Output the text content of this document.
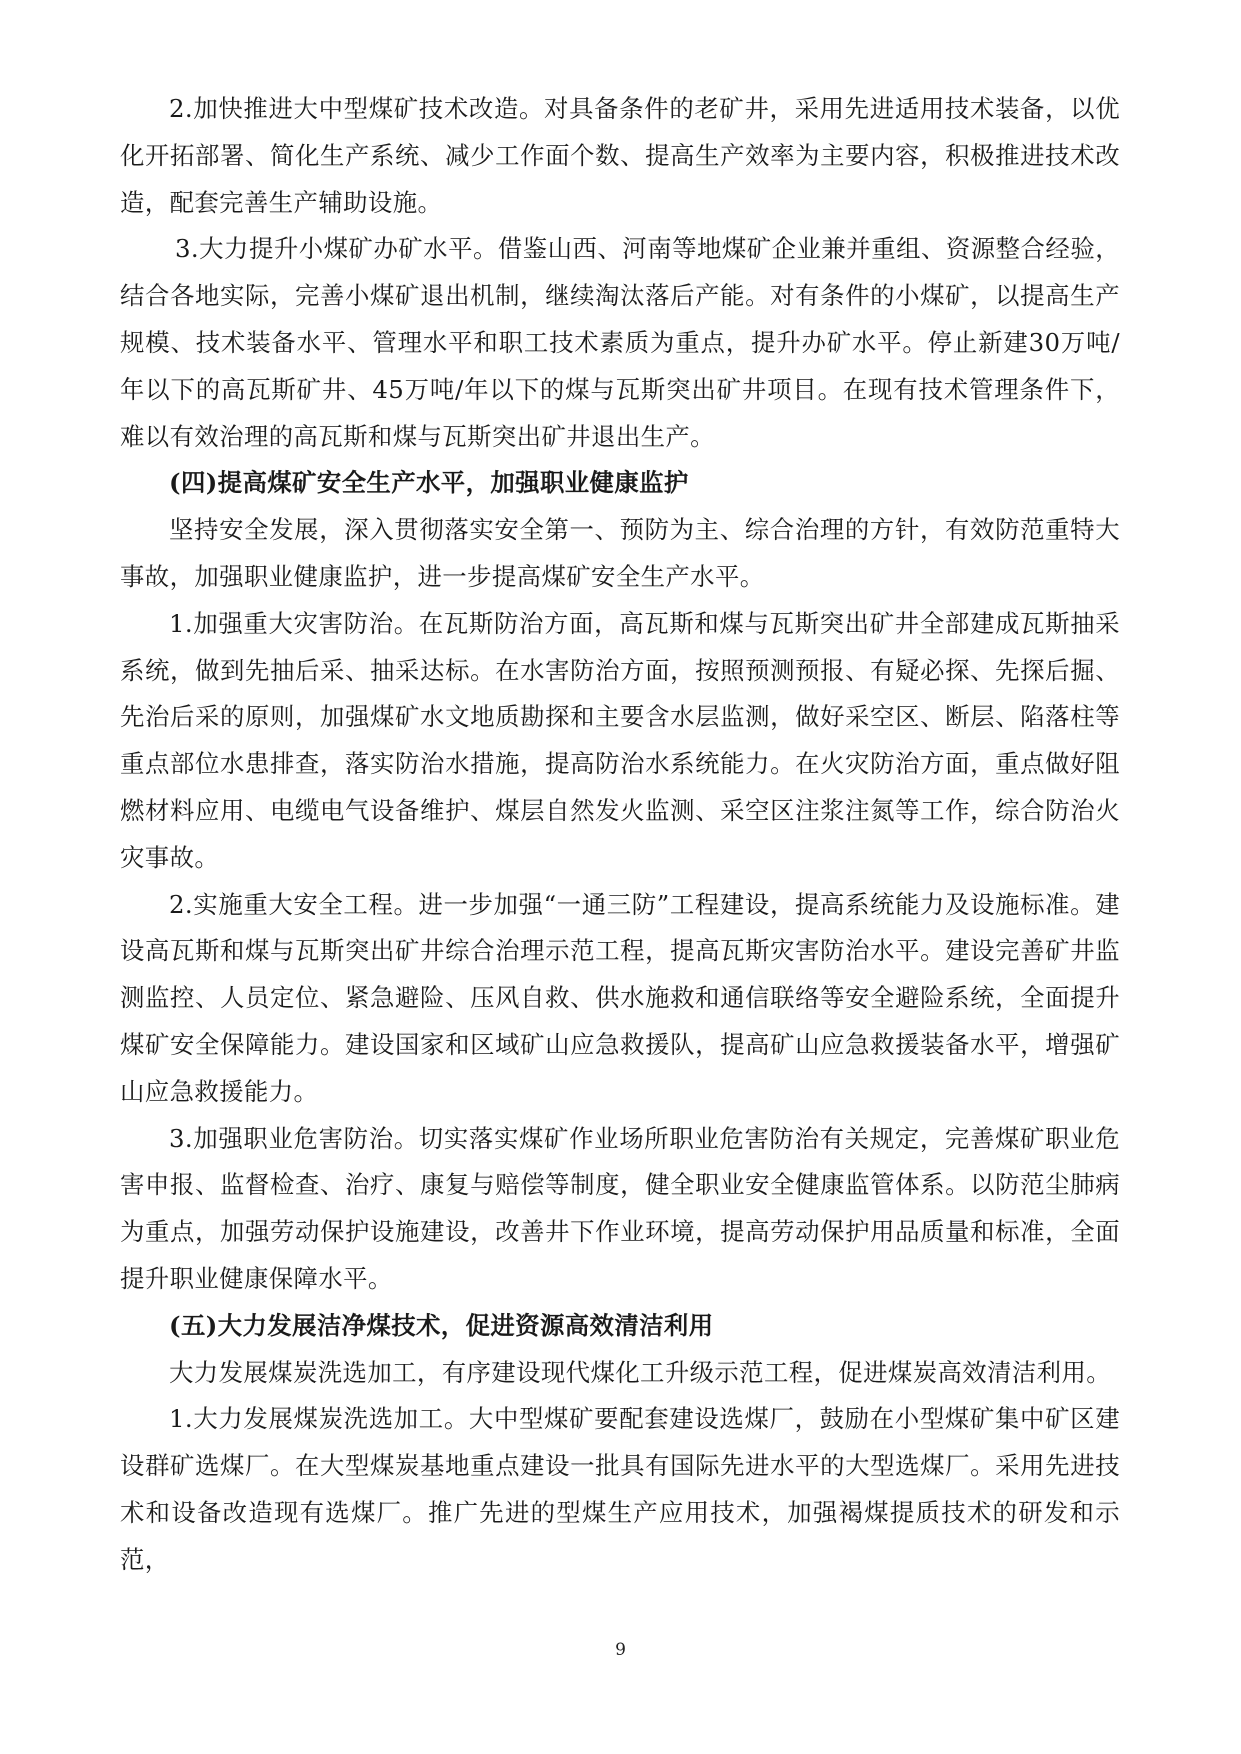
2.加快推进大中型煤矿技术改造。对具备条件的老矿井，采用先进适用技术装备，以优化开拓部署、简化生产系统、减少工作面个数、提高生产效率为主要内容，积极推进技术改造，配套完善生产辅助设施。

3.大力提升小煤矿办矿水平。借鉴山西、河南等地煤矿企业兼并重组、资源整合经验，结合各地实际，完善小煤矿退出机制，继续淘汰落后产能。对有条件的小煤矿，以提高生产规模、技术装备水平、管理水平和职工技术素质为重点，提升办矿水平。停止新建30万吨/年以下的高瓦斯矿井、45万吨/年以下的煤与瓦斯突出矿井项目。在现有技术管理条件下，难以有效治理的高瓦斯和煤与瓦斯突出矿井退出生产。

(四)提高煤矿安全生产水平，加强职业健康监护

坚持安全发展，深入贯彻落实安全第一、预防为主、综合治理的方针，有效防范重特大事故，加强职业健康监护，进一步提高煤矿安全生产水平。

1.加强重大灾害防治。在瓦斯防治方面，高瓦斯和煤与瓦斯突出矿井全部建成瓦斯抽采系统，做到先抽后采、抽采达标。在水害防治方面，按照预测预报、有疑必探、先探后掘、先治后采的原则，加强煤矿水文地质勘探和主要含水层监测，做好采空区、断层、陷落柱等重点部位水患排查，落实防治水措施，提高防治水系统能力。在火灾防治方面，重点做好阻燃材料应用、电缆电气设备维护、煤层自然发火监测、采空区注浆注氮等工作，综合防治火灾事故。

2.实施重大安全工程。进一步加强“一通三防”工程建设，提高系统能力及设施标准。建设高瓦斯和煤与瓦斯突出矿井综合治理示范工程，提高瓦斯灾害防治水平。建设完善矿井监测监控、人员定位、紧急避险、压风自救、供水施救和通信联络等安全避险系统，全面提升煤矿安全保障能力。建设国家和区域矿山应急救援队，提高矿山应急救援装备水平，增强矿山应急救援能力。

3.加强职业危害防治。切实落实煤矿作业场所职业危害防治有关规定，完善煤矿职业危害申报、监督检查、治疗、康复与赔偿等制度，健全职业安全健康监管体系。以防范尘肺病为重点，加强劳动保护设施建设，改善井下作业环境，提高劳动保护用品质量和标准，全面提升职业健康保障水平。

(五)大力发展洁净煤技术，促进资源高效清洁利用

大力发展煤炭洗选加工，有序建设现代煤化工升级示范工程，促进煤炭高效清洁利用。

1.大力发展煤炭洗选加工。大中型煤矿要配套建设选煤厂，鼓励在小型煤矿集中矿区建设群矿选煤厂。在大型煤炭基地重点建设一批具有国际先进水平的大型选煤厂。采用先进技术和设备改造现有选煤厂。推广先进的型煤生产应用技术，加强褐煤提质技术的研发和示范，

9
